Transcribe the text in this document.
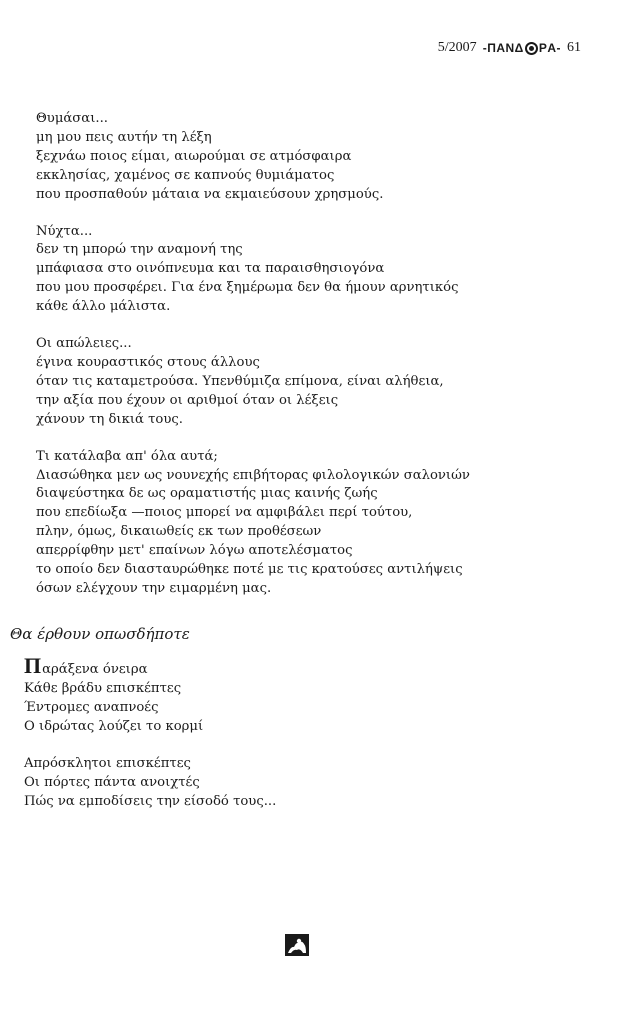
5/2007 - ΠΑΝΔ Ρ Α - 61
Θυμάσαι...
μη μου πεις αυτήν τη λέξη
ξεχνάω ποιος είμαι, αιωρούμαι σε ατμόσφαιρα
εκκλησίας, χαμένος σε καπνούς θυμιάματος
που προσπαθούν μάταια να εκμαιεύσουν χρησμούς.
Νύχτα...
δεν τη μπορώ την αναμονή της
μπάφιασα στο οινόπνευμα και τα παραισθησιογόνα
που μου προσφέρει. Για ένα ξημέρωμα δεν θα ήμουν αρνητικός
κάθε άλλο μάλιστα.
Οι απώλειες...
έγινα κουραστικός στους άλλους
όταν τις καταμετρούσα. Υπενθύμιζα επίμονα, είναι αλήθεια,
την αξία που έχουν οι αριθμοί όταν οι λέξεις
χάνουν τη δικιά τους.
Τι κατάλαβα απ' όλα αυτά;
Διασώθηκα μεν ως νουνεχής επιβήτορας φιλολογικών σαλονιών
διαψεύστηκα δε ως οραματιστής μιας καινής ζωής
που επεδίωξα —ποιος μπορεί να αμφιβάλει περί τούτου,
πλην, όμως, δικαιωθείς εκ των προθέσεων
απερρίφθην μετ' επαίνων λόγω αποτελέσματος
το οποίο δεν διασταυρώθηκε ποτέ με τις κρατούσες αντιλήψεις
όσων ελέγχουν την ειμαρμένη μας.
Θα έρθουν οπωσδήποτε
Παράξενα όνειρα
Κάθε βράδυ επισκέπτες
Έντρομες αναπνοές
Ο ιδρώτας λούζει το κορμί
Απρόσκλητοι επισκέπτες
Οι πόρτες πάντα ανοιχτές
Πώς να εμποδίσεις την είσοδό τους...
